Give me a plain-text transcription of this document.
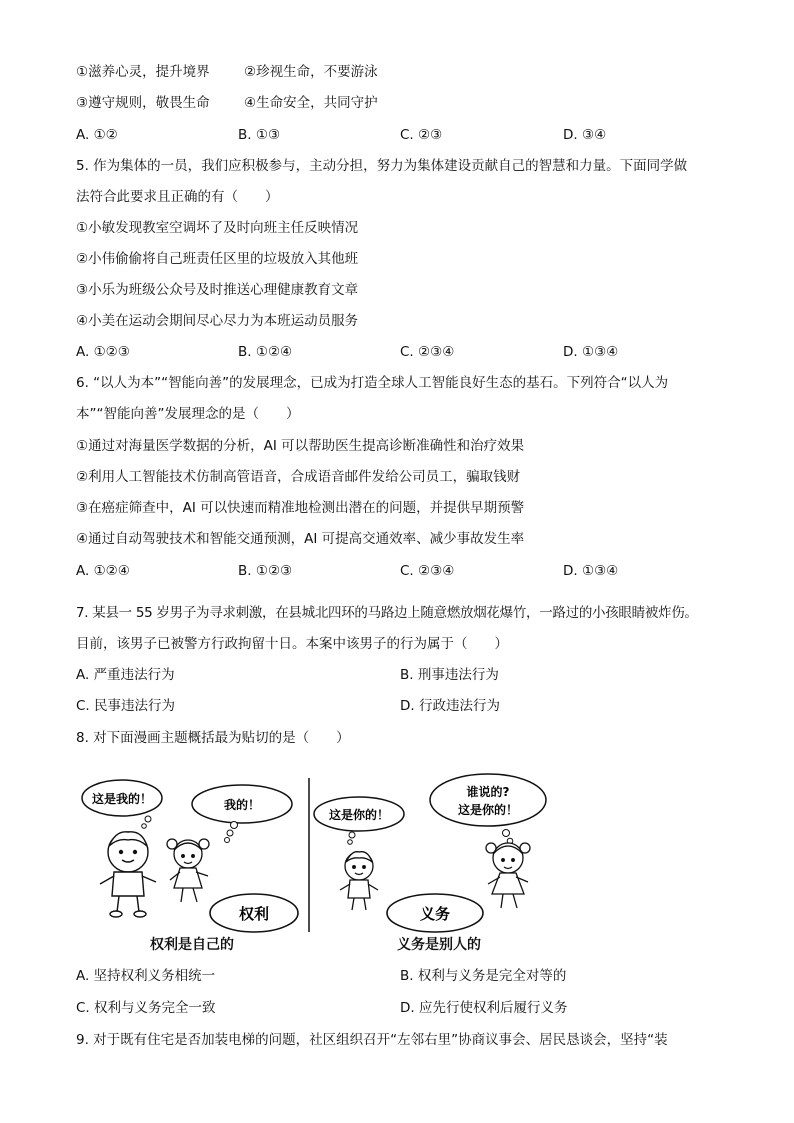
①滋养心灵，提升境界	②珍视生命，不要游泳
③遵守规则，敬畏生命	④生命安全，共同守护
A. ①②	B. ①③	C. ②③	D. ③④
5. 作为集体的一员，我们应积极参与，主动分担，努力为集体建设贡献自己的智慧和力量。下面同学做
法符合此要求且正确的有（　　）
①小敏发现教室空调坏了及时向班主任反映情况
②小伟偷偷将自己班责任区里的垃圾放入其他班
③小乐为班级公众号及时推送心理健康教育文章
④小美在运动会期间尽心尽力为本班运动员服务
A. ①②③	B. ①②④	C. ②③④	D. ①③④
6. “以人为本”“智能向善”的发展理念，已成为打造全球人工智能良好生态的基石。下列符合“以人为
本”“智能向善”发展理念的是（　　）
①通过对海量医学数据的分析，AI 可以帮助医生提高诊断准确性和治疗效果
②利用人工智能技术仿制高管语音，合成语音邮件发给公司员工，骗取钱财
③在癌症筛查中，AI 可以快速而精准地检测出潜在的问题，并提供早期预警
④通过自动驾驶技术和智能交通预测，AI 可提高交通效率、减少事故发生率
A. ①②④	B. ①②③	C. ②③④	D. ①③④
7. 某县一 55 岁男子为寻求刺激，在县城北四环的马路边上随意燃放烟花爆竹，一路过的小孩眼睛被炸伤。
目前，该男子已被警方行政拘留十日。本案中该男子的行为属于（　　）
A. 严重违法行为	B. 刑事违法行为
C. 民事违法行为	D. 行政违法行为
8. 对下面漫画主题概括最为贴切的是（　　）
这是我的！	我的！
权利
这是你的！
谁说的?
这是你的！
义务
权利是自己的	义务是别人的
A. 坚持权利义务相统一	B. 权利与义务是完全对等的
C. 权利与义务完全一致	D. 应先行使权利后履行义务
9. 对于既有住宅是否加装电梯的问题，社区组织召开“左邻右里”协商议事会、居民恳谈会，坚持“装
